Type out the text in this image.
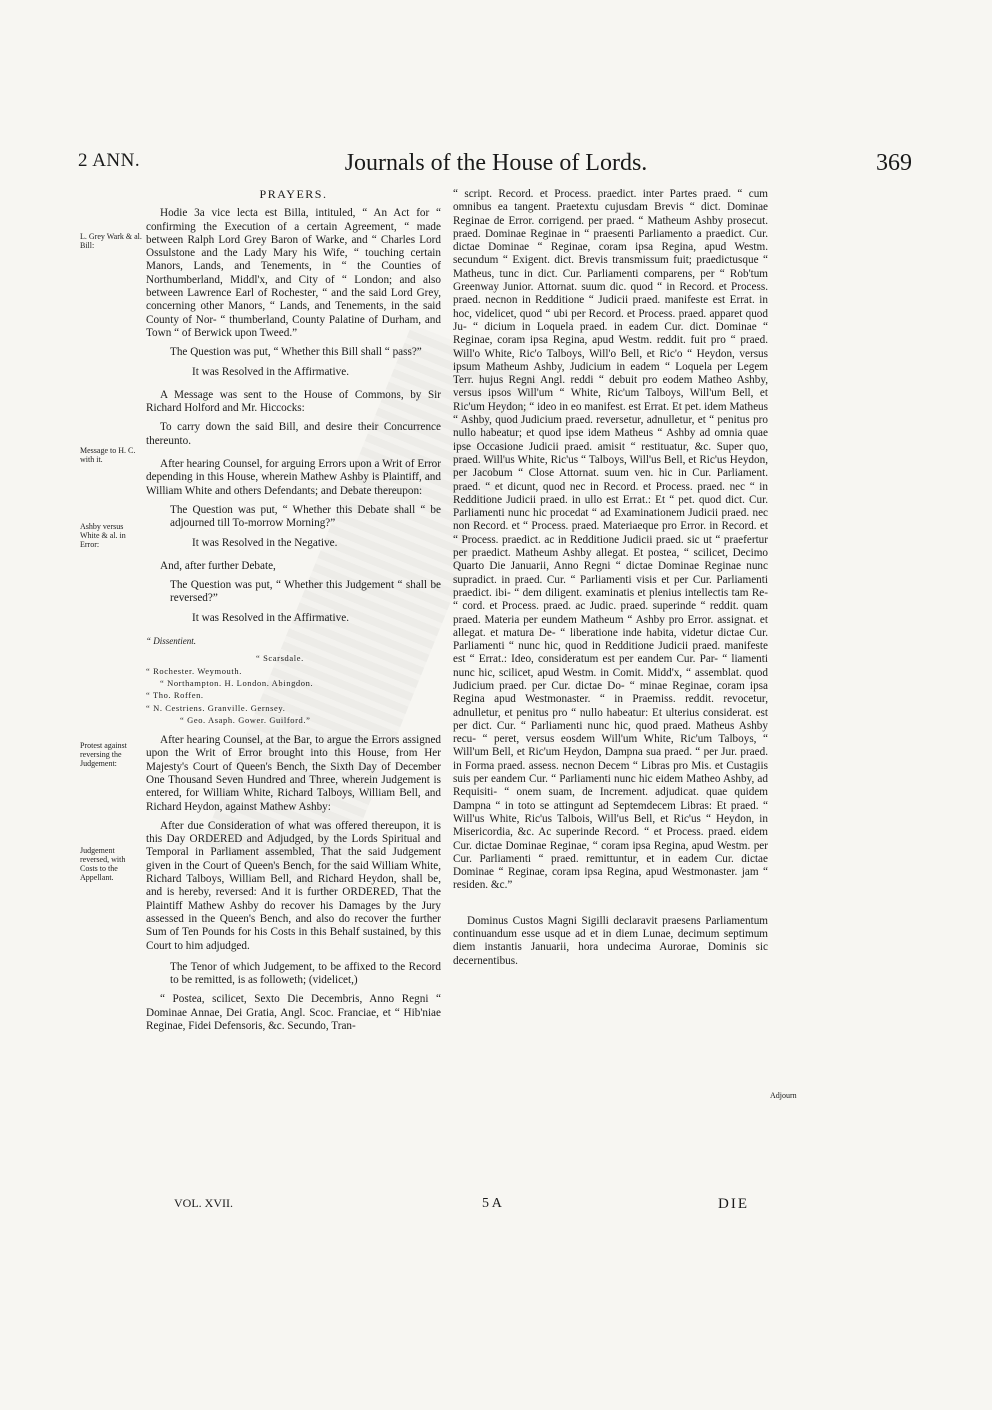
2 ANN.	Journals of the House of Lords.	369
L. Grey Wark & al. Bill:
Message to H. C. with it.
Ashby versus White & al. in Error:
Protest against reversing the Judgement:
Judgement reversed, with Costs to the Appellant.
Adjourn
PRAYERS.

Hodie 3a vice lecta est Billa, intituled, “ An Act for “ confirming the Execution of a certain Agreement, “ made between Ralph Lord Grey Baron of Warke, and “ Charles Lord Ossulstone and the Lady Mary his Wife, “ touching certain Manors, Lands, and Tenements, in “ the Counties of Northumberland, Middl'x, and City of “ London; and also between Lawrence Earl of Rochester, “ and the said Lord Grey, concerning other Manors, “ Lands, and Tenements, in the said County of Nor- “ thumberland, County Palatine of Durham, and Town “ of Berwick upon Tweed.”

The Question was put, “ Whether this Bill shall “ pass?”

It was Resolved in the Affirmative.

A Message was sent to the House of Commons, by Sir Richard Holford and Mr. Hiccocks:

To carry down the said Bill, and desire their Concurrence thereunto.

After hearing Counsel, for arguing Errors upon a Writ of Error depending in this House, wherein Mathew Ashby is Plaintiff, and William White and others Defendants; and Debate thereupon:

The Question was put, “ Whether this Debate shall “ be adjourned till To-morrow Morning?”

It was Resolved in the Negative.

And, after further Debate,

The Question was put, “ Whether this Judgement “ shall be reversed?”

It was Resolved in the Affirmative.

“ Dissentient.

“ Scarsdale.
“ Rochester. Weymouth.
“ Northampton. H. London. Abingdon.
“ Tho. Roffen.
“ N. Cestriens. Granville. Gernsey.
“ Geo. Asaph. Gower. Guilford.”

After hearing Counsel, at the Bar, to argue the Errors assigned upon the Writ of Error brought into this House, from Her Majesty's Court of Queen's Bench, the Sixth Day of December One Thousand Seven Hundred and Three, wherein Judgement is entered, for William White, Richard Talboys, William Bell, and Richard Heydon, against Mathew Ashby:

After due Consideration of what was offered thereupon, it is this Day ORDERED and Adjudged, by the Lords Spiritual and Temporal in Parliament assembled, That the said Judgement given in the Court of Queen's Bench, for the said William White, Richard Talboys, William Bell, and Richard Heydon, shall be, and is hereby, reversed: And it is further ORDERED, That the Plaintiff Mathew Ashby do recover his Damages by the Jury assessed in the Queen's Bench, and also do recover the further Sum of Ten Pounds for his Costs in this Behalf sustained, by this Court to him adjudged.

The Tenor of which Judgement, to be affixed to the Record to be remitted, is as followeth; (videlicet,)

“ Postea, scilicet, Sexto Die Decembris, Anno Regni “ Dominae Annae, Dei Gratia, Angl. Scoc. Franciae, et “ Hib'niae Reginae, Fidei Defensoris, &c. Secundo, Tran-

“ script. Record. et Process. praedict. inter Partes praed. “ cum omnibus ea tangent. Praetextu cujusdam Brevis “ dict. Dominae Reginae de Error. corrigend. per praed. “ Matheum Ashby prosecut. praed. Dominae Reginae in “ praesenti Parliamento a praedict. Cur. dictae Dominae “ Reginae, coram ipsa Regina, apud Westm. secundum “ Exigent. dict. Brevis transmissum fuit; praedictusque “ Matheus, tunc in dict. Cur. Parliamenti comparens, per “ Rob'tum Greenway Junior. Attornat. suum dic. quod “ in Record. et Process. praed. necnon in Redditione “ Judicii praed. manifeste est Errat. in hoc, videlicet, quod “ ubi per Record. et Process. praed. apparet quod Ju- “ dicium in Loquela praed. in eadem Cur. dict. Dominae “ Reginae, coram ipsa Regina, apud Westm. reddit. fuit pro “ praed. Will'o White, Ric'o Talboys, Will'o Bell, et Ric'o “ Heydon, versus ipsum Matheum Ashby, Judicium in eadem “ Loquela per Legem Terr. hujus Regni Angl. reddi “ debuit pro eodem Matheo Ashby, versus ipsos Will'um “ White, Ric'um Talboys, Will'um Bell, et Ric'um Heydon; “ ideo in eo manifest. est Errat. Et pet. idem Matheus “ Ashby, quod Judicium praed. reversetur, adnulletur, et “ penitus pro nullo habeatur; et quod ipse idem Matheus “ Ashby ad omnia quae ipse Occasione Judicii praed. amisit “ restituatur, &c. Super quo, praed. Will'us White, Ric'us “ Talboys, Will'us Bell, et Ric'us Heydon, per Jacobum “ Close Attornat. suum ven. hic in Cur. Parliament. praed. “ et dicunt, quod nec in Record. et Process. praed. nec “ in Redditione Judicii praed. in ullo est Errat.: Et “ pet. quod dict. Cur. Parliamenti nunc hic procedat “ ad Examinationem Judicii praed. nec non Record. et “ Process. praed. Materiaeque pro Error. in Record. et “ Process. praedict. ac in Redditione Judicii praed. sic ut “ praefertur per praedict. Matheum Ashby allegat. Et postea, “ scilicet, Decimo Quarto Die Januarii, Anno Regni “ dictae Dominae Reginae nunc supradict. in praed. Cur. “ Parliamenti visis et per Cur. Parliamenti praedict. ibi- “ dem diligent. examinatis et plenius intellectis tam Re- “ cord. et Process. praed. ac Judic. praed. superinde “ reddit. quam praed. Materia per eundem Matheum “ Ashby pro Error. assignat. et allegat. et matura De- “ liberatione inde habita, videtur dictae Cur. Parliamenti “ nunc hic, quod in Redditione Judicii praed. manifeste est “ Errat.: Ideo, consideratum est per eandem Cur. Par- “ liamenti nunc hic, scilicet, apud Westm. in Comit. Midd'x, “ assemblat. quod Judicium praed. per Cur. dictae Do- “ minae Reginae, coram ipsa Regina apud Westmonaster. “ in Praemiss. reddit. revocetur, adnulletur, et penitus pro “ nullo habeatur: Et ulterius considerat. est per dict. Cur. “ Parliamenti nunc hic, quod praed. Matheus Ashby recu- “ peret, versus eosdem Will'um White, Ric'um Talboys, “ Will'um Bell, et Ric'um Heydon, Dampna sua praed. “ per Jur. praed. in Forma praed. assess. necnon Decem “ Libras pro Mis. et Custagiis suis per eandem Cur. “ Parliamenti nunc hic eidem Matheo Ashby, ad Requisiti- “ onem suam, de Increment. adjudicat. quae quidem Dampna “ in toto se attingunt ad Septemdecem Libras: Et praed. “ Will'us White, Ric'us Talbois, Will'us Bell, et Ric'us “ Heydon, in Misericordia, &c. Ac superinde Record. “ et Process. praed. eidem Cur. dictae Dominae Reginae, “ coram ipsa Regina, apud Westm. per Cur. Parliamenti “ praed. remittuntur, et in eadem Cur. dictae Dominae “ Reginae, coram ipsa Regina, apud Westmonaster. jam “ residen. &c.”

Dominus Custos Magni Sigilli declaravit praesens Parliamentum continuandum esse usque ad et in diem Lunae, decimum septimum diem instantis Januarii, hora undecima Aurorae, Dominis sic decernentibus.

VOL. XVII.	5 A	DIE
